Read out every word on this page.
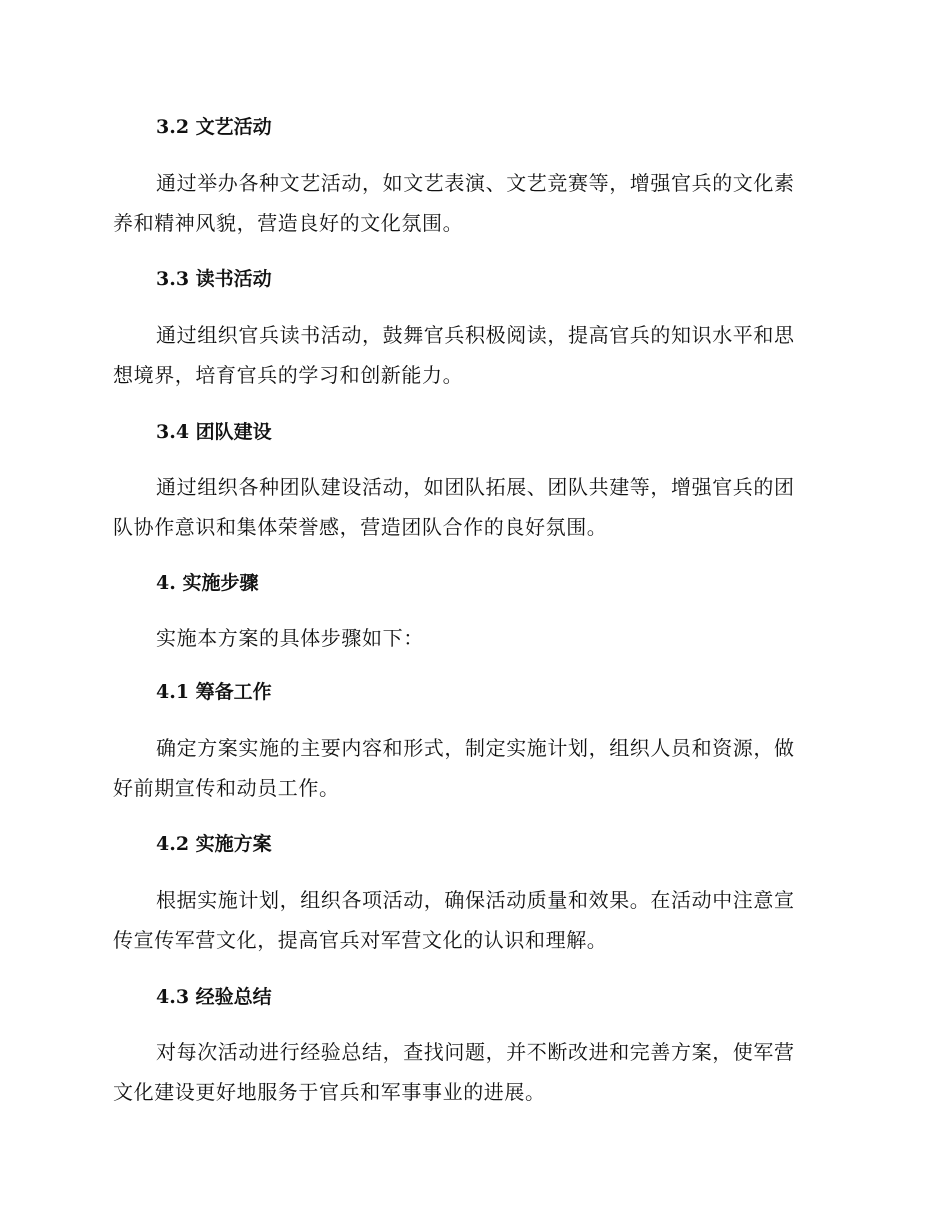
3.2 文艺活动
通过举办各种文艺活动，如文艺表演、文艺竞赛等，增强官兵的文化素
养和精神风貌，营造良好的文化氛围。
3.3 读书活动
通过组织官兵读书活动，鼓舞官兵积极阅读，提高官兵的知识水平和思
想境界，培育官兵的学习和创新能力。
3.4 团队建设
通过组织各种团队建设活动，如团队拓展、团队共建等，增强官兵的团
队协作意识和集体荣誉感，营造团队合作的良好氛围。
4. 实施步骤
实施本方案的具体步骤如下：
4.1 筹备工作
确定方案实施的主要内容和形式，制定实施计划，组织人员和资源，做
好前期宣传和动员工作。
4.2 实施方案
根据实施计划，组织各项活动，确保活动质量和效果。在活动中注意宣
传宣传军营文化，提高官兵对军营文化的认识和理解。
4.3 经验总结
对每次活动进行经验总结，查找问题，并不断改进和完善方案，使军营
文化建设更好地服务于官兵和军事事业的进展。
